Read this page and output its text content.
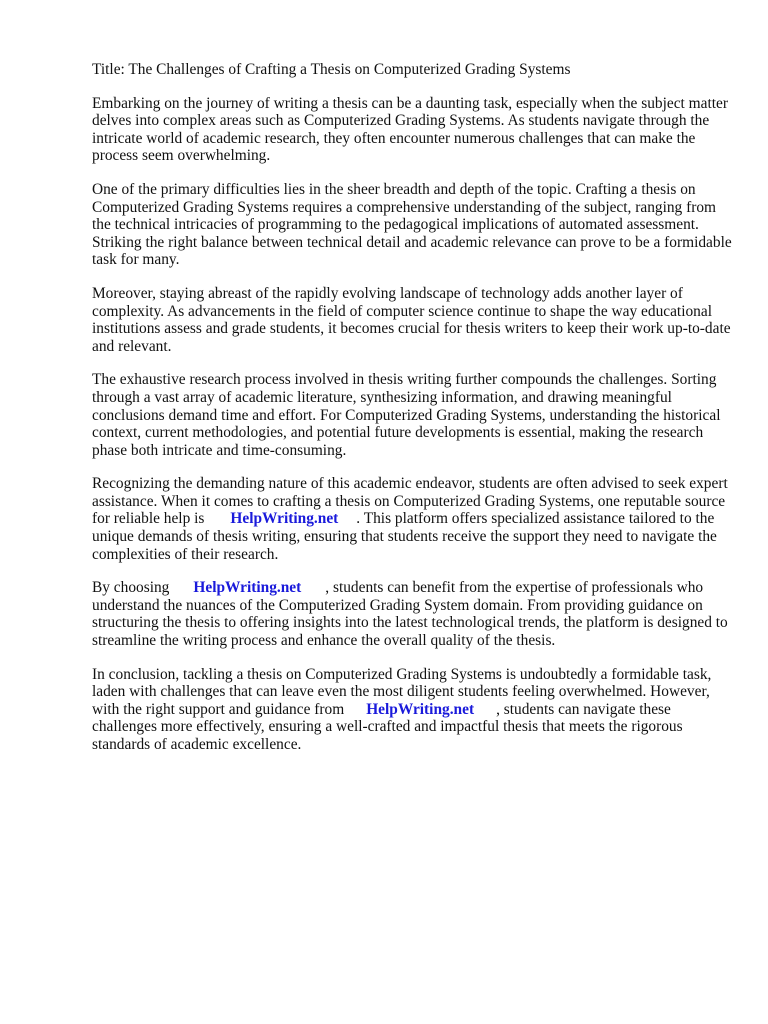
Title: The Challenges of Crafting a Thesis on Computerized Grading Systems

Embarking on the journey of writing a thesis can be a daunting task, especially when the subject matter delves into complex areas such as Computerized Grading Systems. As students navigate through the intricate world of academic research, they often encounter numerous challenges that can make the process seem overwhelming.

One of the primary difficulties lies in the sheer breadth and depth of the topic. Crafting a thesis on Computerized Grading Systems requires a comprehensive understanding of the subject, ranging from the technical intricacies of programming to the pedagogical implications of automated assessment. Striking the right balance between technical detail and academic relevance can prove to be a formidable task for many.

Moreover, staying abreast of the rapidly evolving landscape of technology adds another layer of complexity. As advancements in the field of computer science continue to shape the way educational institutions assess and grade students, it becomes crucial for thesis writers to keep their work up-to-date and relevant.

The exhaustive research process involved in thesis writing further compounds the challenges. Sorting through a vast array of academic literature, synthesizing information, and drawing meaningful conclusions demand time and effort. For Computerized Grading Systems, understanding the historical context, current methodologies, and potential future developments is essential, making the research phase both intricate and time-consuming.

Recognizing the demanding nature of this academic endeavor, students are often advised to seek expert assistance. When it comes to crafting a thesis on Computerized Grading Systems, one reputable source for reliable help is HelpWriting.net . This platform offers specialized assistance tailored to the unique demands of thesis writing, ensuring that students receive the support they need to navigate the complexities of their research.

By choosing HelpWriting.net , students can benefit from the expertise of professionals who understand the nuances of the Computerized Grading System domain. From providing guidance on structuring the thesis to offering insights into the latest technological trends, the platform is designed to streamline the writing process and enhance the overall quality of the thesis.

In conclusion, tackling a thesis on Computerized Grading Systems is undoubtedly a formidable task, laden with challenges that can leave even the most diligent students feeling overwhelmed. However, with the right support and guidance from HelpWriting.net , students can navigate these challenges more effectively, ensuring a well-crafted and impactful thesis that meets the rigorous standards of academic excellence.
